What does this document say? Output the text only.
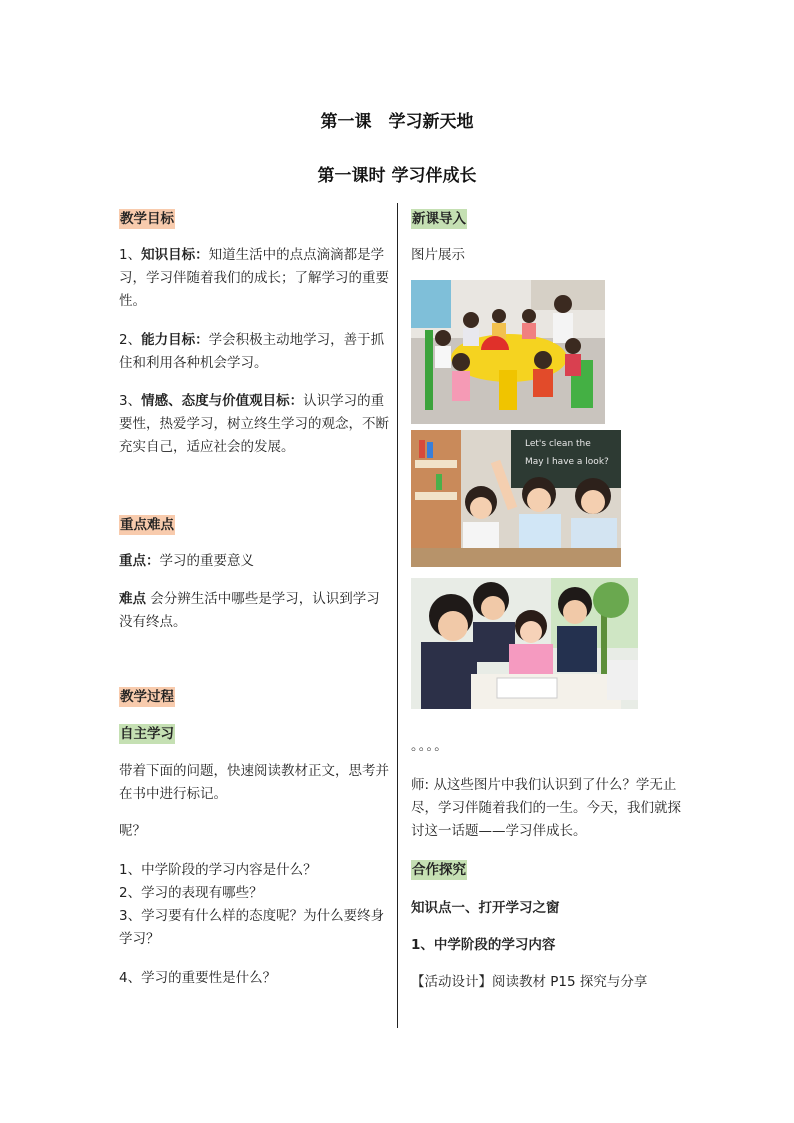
第一课　学习新天地
第一课时 学习伴成长
教学目标

1、知识目标：知道生活中的点点滴滴都是学习，学习伴随着我们的成长；了解学习的重要性。

2、能力目标：学会积极主动地学习，善于抓住和利用各种机会学习。

3、情感、态度与价值观目标：认识学习的重要性，热爱学习，树立终生学习的观念，不断充实自己，适应社会的发展。

重点难点

重点：学习的重要意义

难点 会分辨生活中哪些是学习，认识到学习没有终点。

教学过程
自主学习

带着下面的问题，快速阅读教材正文，思考并在书中进行标记。

呢？

1、中学阶段的学习内容是什么？

2、学习的表现有哪些？

3、学习要有什么样的态度呢？为什么要终身学习？

4、学习的重要性是什么？

新课导入

图片展示

Let's clean the
May I have a look?

。。。。

师: 从这些图片中我们认识到了什么？学无止尽，学习伴随着我们的一生。今天，我们就探讨这一话题——学习伴成长。

合作探究

知识点一、打开学习之窗

1、中学阶段的学习内容

【活动设计】阅读教材 P15 探究与分享
